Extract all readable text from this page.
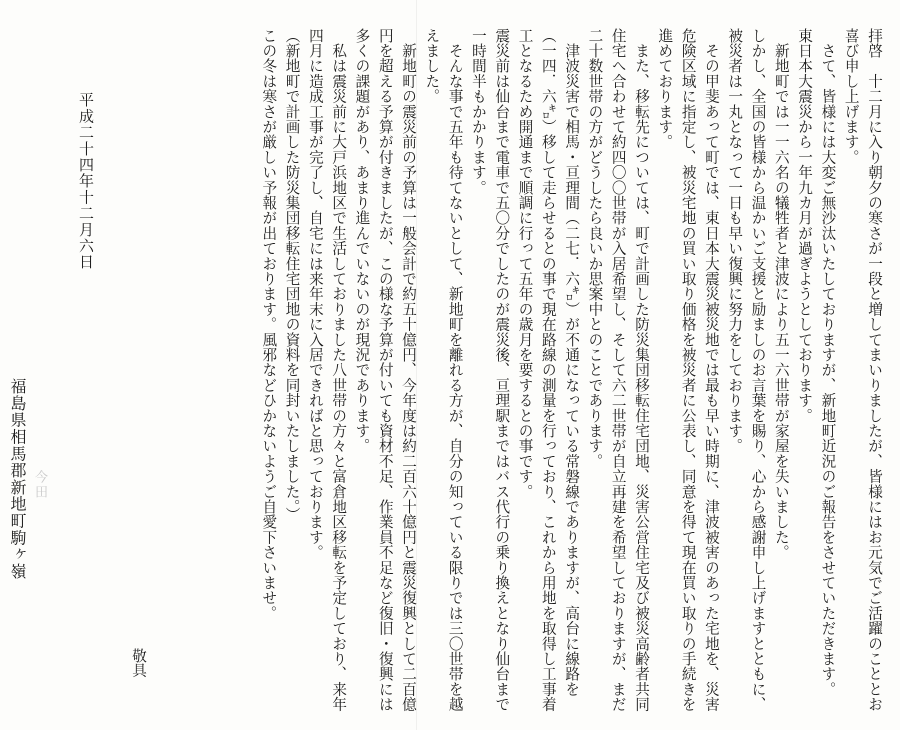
拝啓　十二月に入り朝夕の寒さが一段と増してまいりましたが、皆様にはお元気でご活躍のこととお喜び申し上げます。

　さて、皆様には大変ご無沙汰いたしておりますが、新地町近況のご報告をさせていただきます。

東日本大震災から一年九カ月が過ぎようとしております。

　新地町では一一六名の犠牲者と津波により五一六世帯が家屋を失いました。

しかし、全国の皆様から温かいご支援と励ましのお言葉を賜り、心から感謝申し上げますとともに、被災者は一丸となって一日も早い復興に努力をしております。

　その甲斐あって町では、東日本大震災被災地では最も早い時期に、津波被害のあった宅地を、災害危険区域に指定し、被災宅地の買い取り価格を被災者に公表し、同意を得て現在買い取りの手続きを進めております。

　また、移転先については、町で計画した防災集団移転住宅団地、災害公営住宅及び被災高齢者共同住宅へ合わせて約四〇〇世帯が入居希望し、そして六二世帯が自立再建を希望しておりますが、まだ二十数世帯の方がどうしたら良いか思案中とのことであります。

　津波災害で相馬・亘理間（二七．六㌔）が不通になっている常磐線でありますが、高台に線路を（一四．六㌔）移して走らせるとの事で現在路線の測量を行っており、これから用地を取得し工事着工となるため開通まで順調に行って五年の歳月を要するとの事です。

震災前は仙台まで電車で五〇分でしたのが震災後、亘理駅まではバス代行の乗り換えとなり仙台まで一時間半もかかります。

　そんな事で五年も待てないとして、新地町を離れる方が、自分の知っている限りでは三〇世帯を越えました。

　新地町の震災前の予算は一般会計で約五十億円、今年度は約二百六十億円と震災復興として二百億円を超える予算が付きましたが、この様な予算が付いても資材不足、作業員不足など復旧・復興には多くの課題があり、あまり進んでいないのが現況であります。

　私は震災前に大戸浜地区で生活しておりました八世帯の方々と富倉地区移転を予定しており、来年四月に造成工事が完了し、自宅には来年末に入居できればと思っております。

（新地町で計画した防災集団移転住宅団地の資料を同封いたしました。）

この冬は寒さが厳しい予報が出ております。風邪などひかないようご自愛下さいませ。

敬具
平成二十四年十二月六日
福島県相馬郡新地町駒ヶ嶺 今田　
